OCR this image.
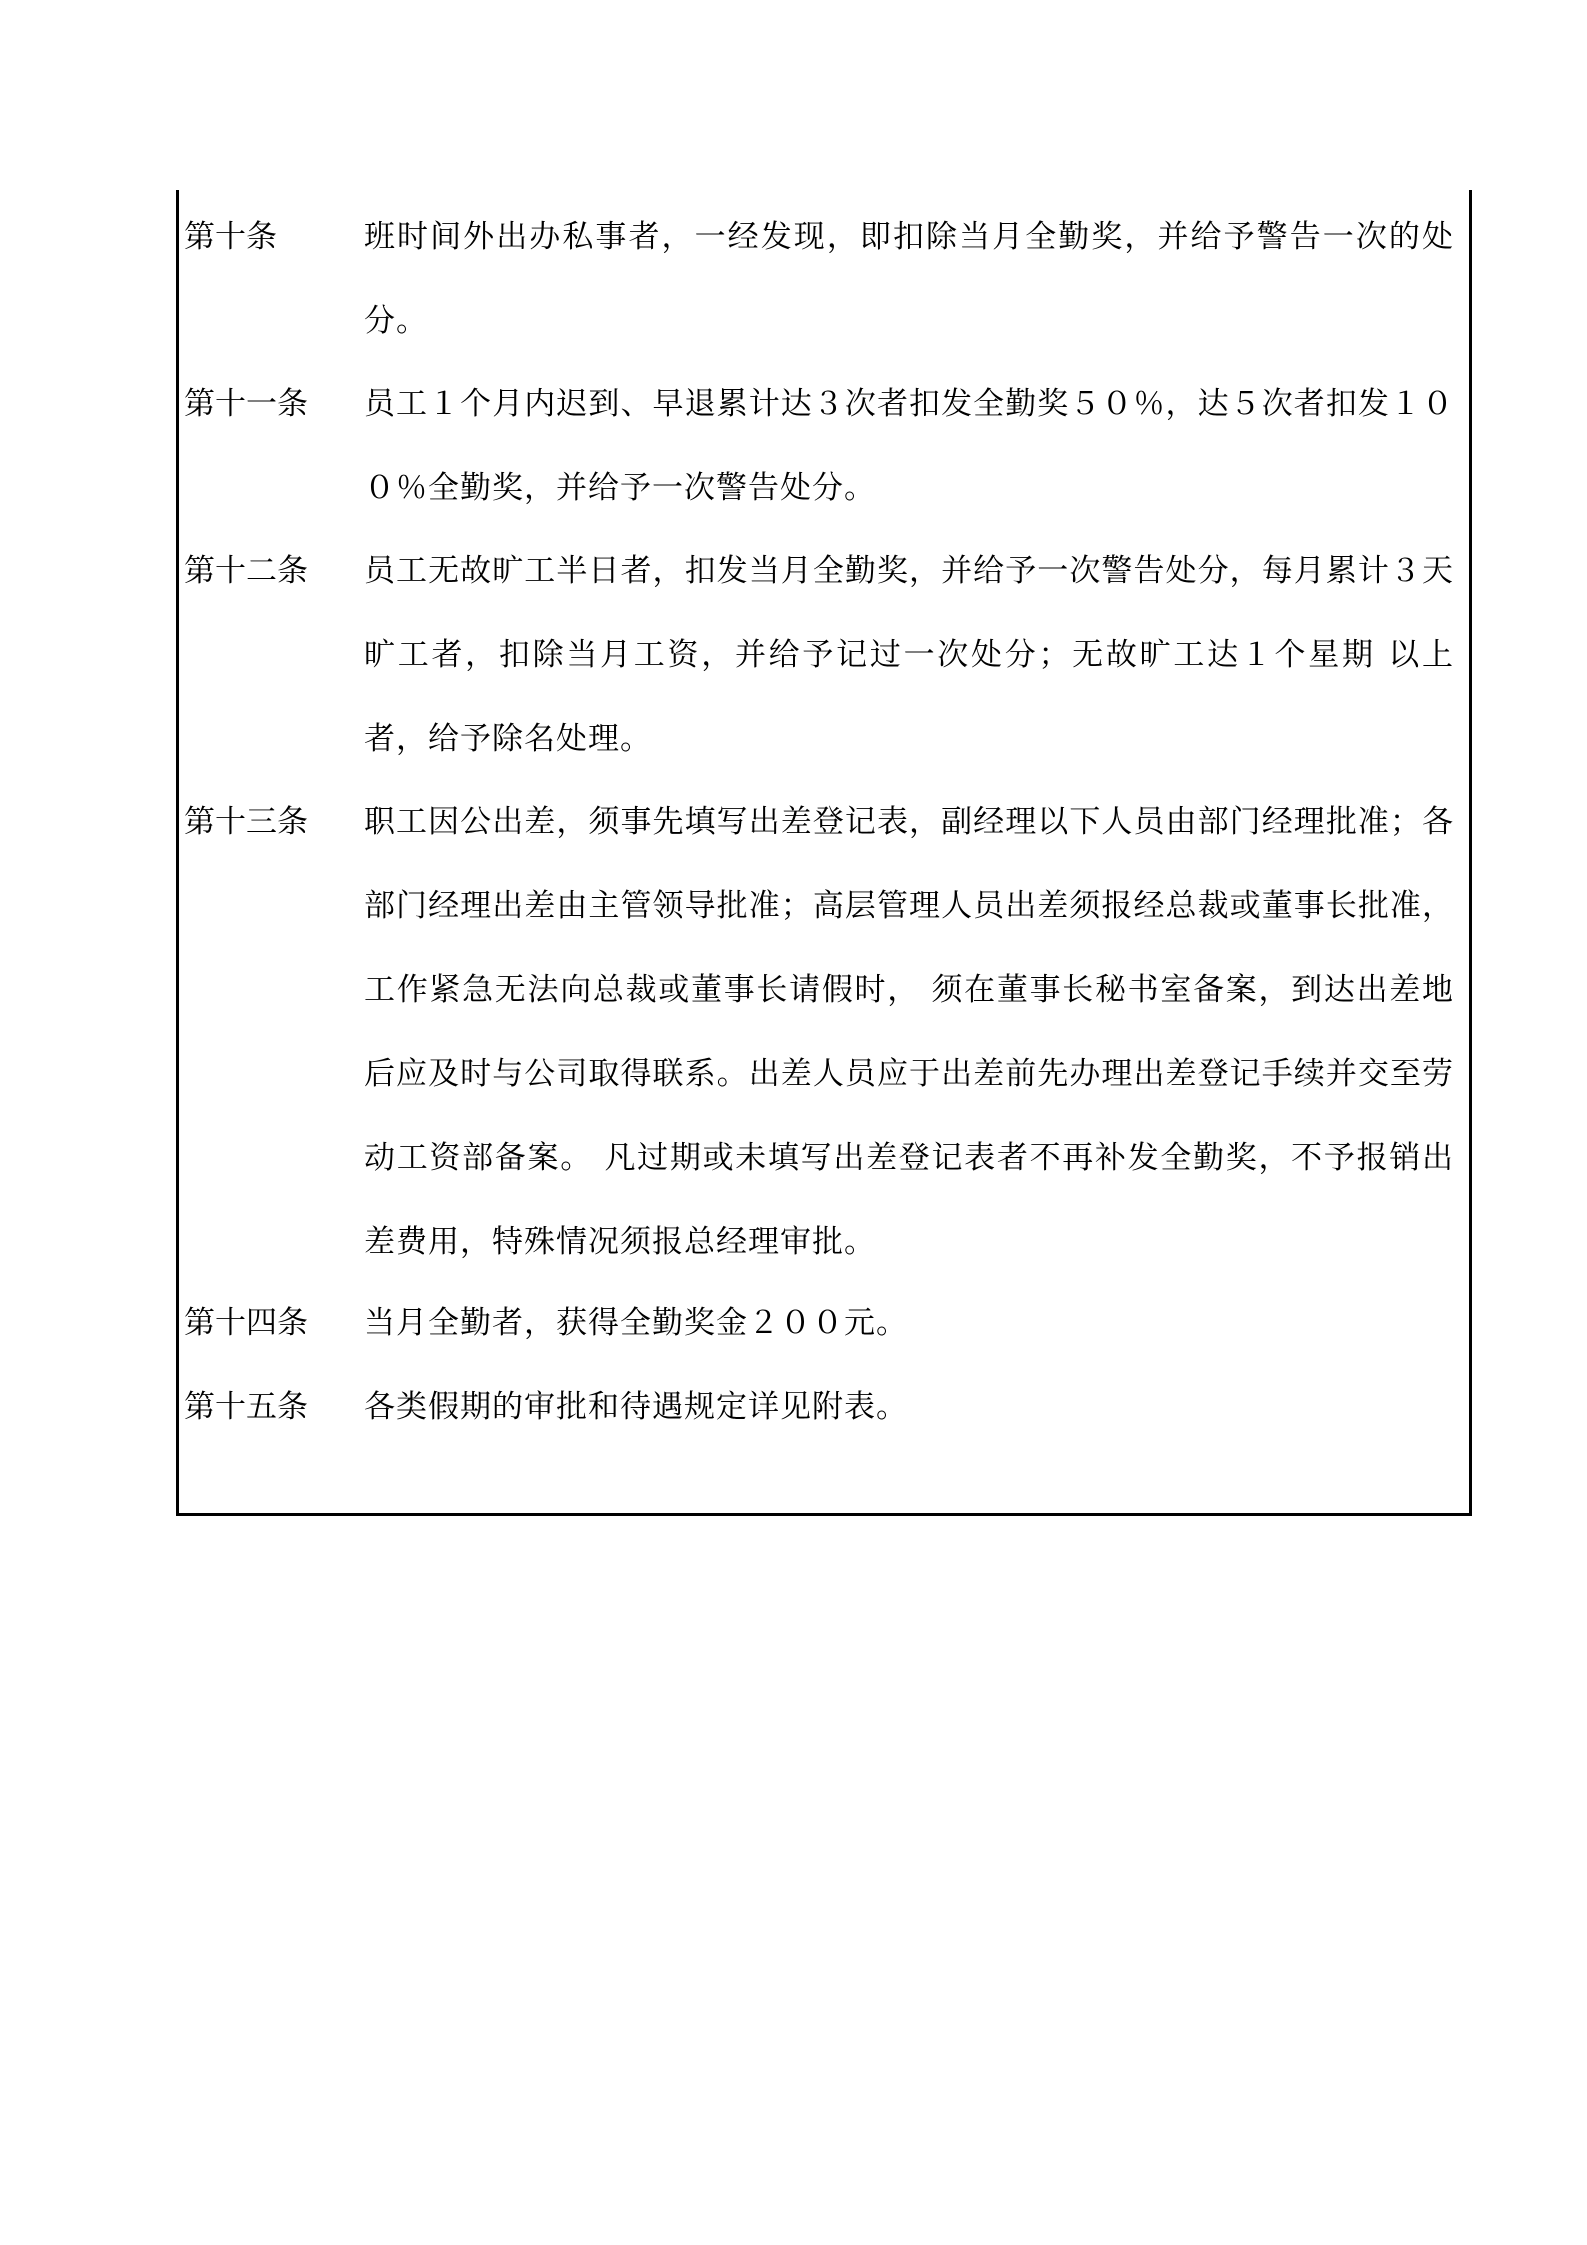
第十条	班时间外出办私事者，一经发现，即扣除当月全勤奖，并给予警告一次的处分。
第十一条 员工１个月内迟到、早退累计达３次者扣发全勤奖５０％，达５次者扣发１００％全勤奖，并给予一次警告处分。
第十二条 员工无故旷工半日者，扣发当月全勤奖，并给予一次警告处分，每月累计３天旷工者，扣除当月工资，并给予记过一次处分；无故旷工达１个星期 以上者，给予除名处理。
第十三条 职工因公出差，须事先填写出差登记表，副经理以下人员由部门经理批准；各部门经理出差由主管领导批准；高层管理人员出差须报经总裁或董事长批准， 工作紧急无法向总裁或董事长请假时， 须在董事长秘书室备案，到达出差地后应及时与公司取得联系。出差人员应于出差前先办理出差登记手续并交至劳动工资部备案。 凡过期或未填写出差登记表者不再补发全勤奖，不予报销出差费用，特殊情况须报总经理审批。
第十四条 当月全勤者，获得全勤奖金２００元。
第十五条 各类假期的审批和待遇规定详见附表。
